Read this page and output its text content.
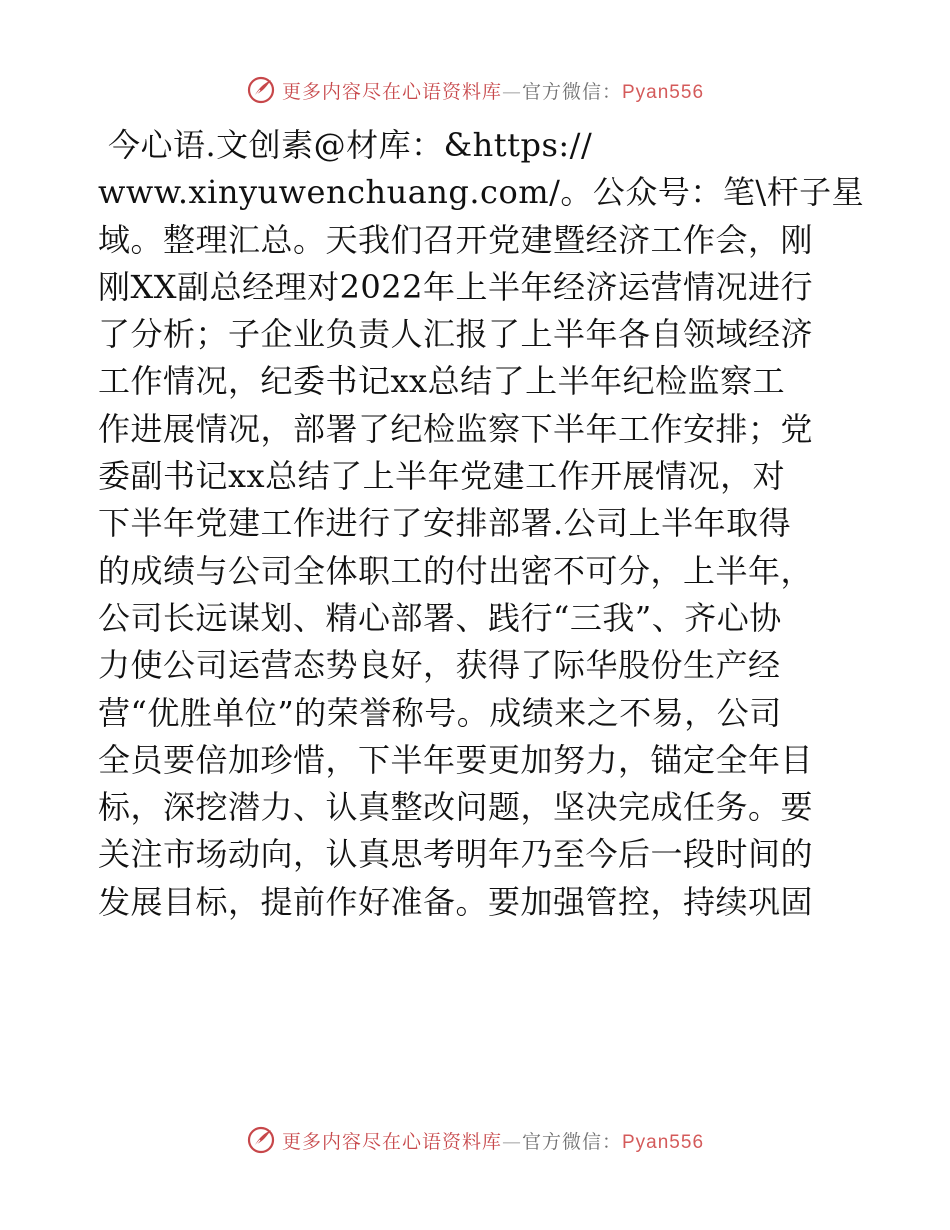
更多内容尽在心语资料库—官方微信：Pyan556
今心语.文创素@材库：&https://
www.xinyuwenchuang.com/。公众号：笔\杆子星
域。整理汇总。天我们召开党建暨经济工作会，刚
刚XX副总经理对2022年上半年经济运营情况进行
了分析；子企业负责人汇报了上半年各自领域经济
工作情况，纪委书记xx总结了上半年纪检监察工
作进展情况，部署了纪检监察下半年工作安排；党
委副书记xx总结了上半年党建工作开展情况，对
下半年党建工作进行了安排部署.公司上半年取得
的成绩与公司全体职工的付出密不可分，上半年，
公司长远谋划、精心部署、践行“三我”、齐心协
力使公司运营态势良好，获得了际华股份生产经
营“优胜单位”的荣誉称号。成绩来之不易，公司
全员要倍加珍惜，下半年要更加努力，锚定全年目
标，深挖潜力、认真整改问题，坚决完成任务。要
关注市场动向，认真思考明年乃至今后一段时间的
发展目标，提前作好准备。要加强管控，持续巩固
更多内容尽在心语资料库—官方微信：Pyan556
